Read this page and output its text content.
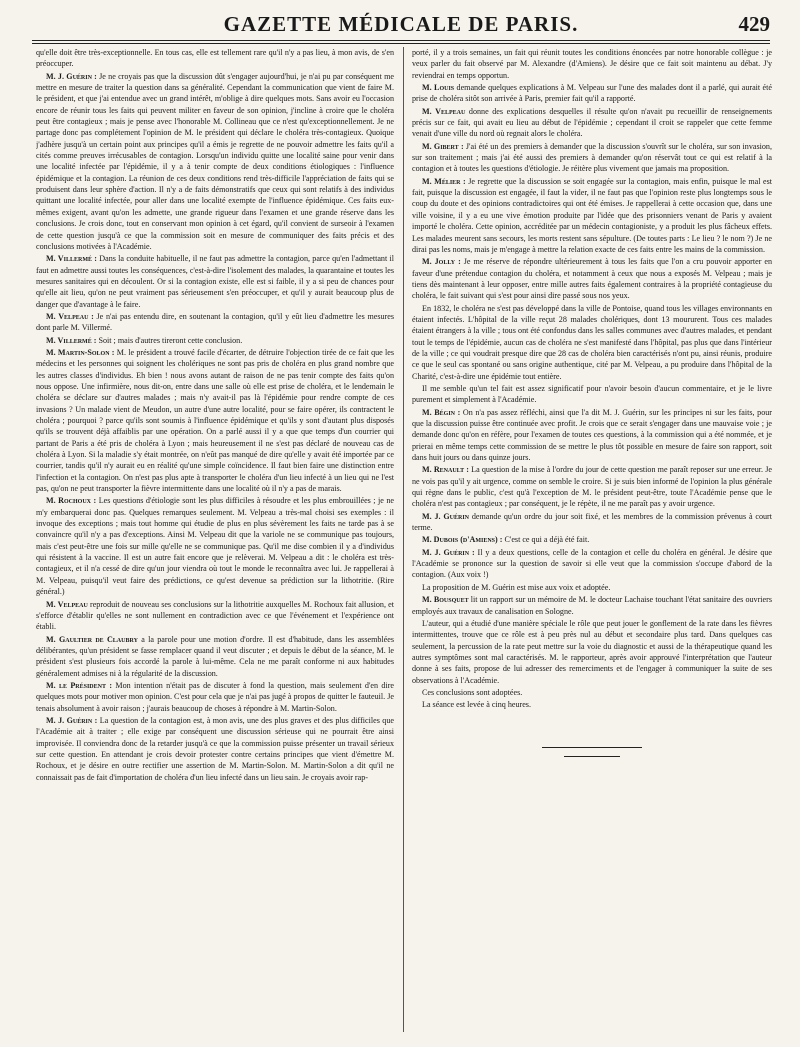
GAZETTE MÉDICALE DE PARIS.	429

qu'elle doit être très-exceptionnelle. En tous cas, elle est tellement rare qu'il n'y a pas lieu, à mon avis, de s'en préoccuper.

M. J. Guérin : Je ne croyais pas que la discussion dût s'engager aujourd'hui, je n'ai pu par conséquent me mettre en mesure de traiter la question dans sa généralité. Cependant la communication que vient de faire M. le président, et que j'ai entendue avec un grand intérêt, m'oblige à dire quelques mots. Sans avoir eu l'occasion encore de réunir tous les faits qui peuvent militer en faveur de son opinion, j'incline à croire que le choléra peut être contagieux ; mais je pense avec l'honorable M. Collineau que ce n'est qu'exceptionnellement. Je ne partage donc pas complétement l'opinion de M. le président qui déclare le choléra très-contagieux. Quoique j'adhère jusqu'à un certain point aux principes qu'il a émis je regrette de ne pouvoir admettre les faits qu'il a cités comme preuves irrécusables de contagion. Lorsqu'un individu quitte une localité saine pour venir dans une localité infectée par l'épidémie, il y a à tenir compte de deux conditions étiologiques : l'influence épidémique et la contagion. La réunion de ces deux conditions rend très-difficile l'appréciation de faits qui se produisent dans leur sphère d'action. Il n'y a de faits démonstratifs que ceux qui sont relatifs à des individus quittant une localité infectée, pour aller dans une localité exempte de l'influence épidémique. Ces faits eux-mêmes exigent, avant qu'on les admette, une grande rigueur dans l'examen et une grande réserve dans les conclusions. Je crois donc, tout en conservant mon opinion à cet égard, qu'il convient de surseoir à l'examen de cette question jusqu'à ce que la commission soit en mesure de communiquer des faits précis et des conclusions motivées à l'Académie.

M. Villermé : Dans la conduite habituelle, il ne faut pas admettre la contagion, parce qu'en l'admettant il faut en admettre aussi toutes les conséquences, c'est-à-dire l'isolement des malades, la quarantaine et toutes les mesures sanitaires qui en découlent. Or si la contagion existe, elle est si faible, il y a si peu de chances pour qu'elle ait lieu, qu'on ne peut vraiment pas sérieusement s'en préoccuper, et qu'il y aurait beaucoup plus de danger que d'avantage à le faire.

M. Velpeau : Je n'ai pas entendu dire, en soutenant la contagion, qu'il y eût lieu d'admettre les mesures dont parle M. Villermé.

M. Villermé : Soit ; mais d'autres tireront cette conclusion.

M. Martin-Solon : M. le président a trouvé facile d'écarter, de détruire l'objection tirée de ce fait que les médecins et les personnes qui soignent les cholériques ne sont pas pris de choléra en plus grand nombre que les autres classes d'individus. Eh bien ! nous avons autant de raison de ne pas tenir compte des faits qu'on nous oppose. Une infirmière, nous dit-on, entre dans une salle où elle est prise de choléra, et le lendemain le choléra se déclare sur d'autres malades ; mais n'y avait-il pas là l'épidémie pour rendre compte de ces invasions ? Un malade vient de Meudon, un autre d'une autre localité, pour se faire opérer, ils contractent le choléra ; pourquoi ? parce qu'ils sont soumis à l'influence épidémique et qu'ils y sont d'autant plus disposés qu'ils se trouvent déjà affaiblis par une opération. On a parlé aussi il y a que que temps d'un courrier qui partant de Paris a été pris de choléra à Lyon ; mais heureusement il ne s'est pas déclaré de nouveau cas de choléra à Lyon. Si la maladie s'y était montrée, on n'eût pas manqué de dire qu'elle y avait été importée par ce courrier, tandis qu'il n'y aurait eu en réalité qu'une simple coïncidence. Il faut bien faire une distinction entre l'infection et la contagion. On n'est pas plus apte à transporter le choléra d'un lieu infecté à un lieu qui ne l'est pas, qu'on ne peut transporter la fièvre intermittente dans une localité où il n'y a pas de marais.

M. Rochoux : Les questions d'étiologie sont les plus difficiles à résoudre et les plus embrouillées ; je ne m'y embarquerai donc pas. Quelques remarques seulement. M. Velpeau a très-mal choisi ses exemples : il invoque des exceptions ; mais tout homme qui étudie de plus en plus sévèrement les faits ne tarde pas à se convaincre qu'il n'y a pas d'exceptions. Ainsi M. Velpeau dit que la variole ne se communique pas toujours, mais c'est peut-être une fois sur mille qu'elle ne se communique pas. Qu'il me dise combien il y a d'individus qui résistent à la vaccine. Il est un autre fait encore que je relèverai. M. Velpeau a dit : le choléra est très-contagieux, et il n'a cessé de dire qu'un jour viendra où tout le monde le reconnaîtra avec lui. Je rappellerai à M. Velpeau, puisqu'il veut faire des prédictions, ce qu'est devenue sa prédiction sur la lithotritie. (Rire général.)

M. Velpeau reproduit de nouveau ses conclusions sur la lithotritie auxquelles M. Rochoux fait allusion, et s'efforce d'établir qu'elles ne sont nullement en contradiction avec ce que l'événement et l'expérience ont établi.

M. Gaultier de Claubry a la parole pour une motion d'ordre. Il est d'habitude, dans les assemblées délibérantes, qu'un président se fasse remplacer quand il veut discuter ; et depuis le début de la séance, M. le président s'est plusieurs fois accordé la parole à lui-même. Cela ne me paraît conforme ni aux habitudes généralement admises ni à la régularité de la discussion.

M. le Président : Mon intention n'était pas de discuter à fond la question, mais seulement d'en dire quelques mots pour motiver mon opinion. C'est pour cela que je n'ai pas jugé à propos de quitter le fauteuil. Je tenais absolument à avoir raison ; j'aurais beaucoup de choses à répondre à M. Martin-Solon.

M. J. Guérin : La question de la contagion est, à mon avis, une des plus graves et des plus difficiles que l'Académie ait à traiter ; elle exige par conséquent une discussion sérieuse qui ne pourrait être ainsi improvisée. Il conviendra donc de la retarder jusqu'à ce que la commission puisse présenter un travail sérieux sur cette question. En attendant je crois devoir protester contre certains principes que vient d'émettre M. Rochoux, et je désire en outre rectifier une assertion de M. Martin-Solon. M. Martin-Solon a dit qu'il ne connaissait pas de fait d'importation de choléra d'un lieu infecté dans un lieu sain. Je croyais avoir rap-

porté, il y a trois semaines, un fait qui réunit toutes les conditions énoncées par notre honorable collègue : je veux parler du fait observé par M. Alexandre (d'Amiens). Je désire que ce fait soit maintenu au débat. J'y reviendrai en temps opportun.

M. Louis demande quelques explications à M. Velpeau sur l'une des malades dont il a parlé, qui aurait été prise de choléra sitôt son arrivée à Paris, premier fait qu'il a rapporté.

M. Velpeau donne des explications desquelles il résulte qu'on n'avait pu recueillir de renseignements précis sur ce fait, qui avait eu lieu au début de l'épidémie ; cependant il croit se rappeler que cette femme venait d'une ville du nord où regnait alors le choléra.

M. Gibert : J'ai été un des premiers à demander que la discussion s'ouvrît sur le choléra, sur son invasion, sur son traitement ; mais j'ai été aussi des premiers à demander qu'on réservât tout ce qui est relatif à la contagion et à toutes les questions d'étiologie. Je réitère plus vivement que jamais ma proposition.

M. Mélier : Je regrette que la discussion se soit engagée sur la contagion, mais enfin, puisque le mal est fait, puisque la discussion est engagée, il faut la vider, il ne faut pas que l'opinion reste plus longtemps sous le coup du doute et des opinions contradictoires qui ont été émises. Je rappellerai à cette occasion que, dans une ville voisine, il y a eu une vive émotion produite par l'idée que des prisonniers venant de Paris y avaient importé le choléra. Cette opinion, accréditée par un médecin contagioniste, y a produit les plus fâcheux effets. Les malades meurent sans secours, les morts restent sans sépulture. (De toutes parts : Le lieu ? le nom ?) Je ne dirai pas les noms, mais je m'engage à mettre la relation exacte de ces faits entre les mains de la commission.

M. Jolly : Je me réserve de répondre ultérieurement à tous les faits que l'on a cru pouvoir apporter en faveur d'une prétendue contagion du choléra, et notamment à ceux que nous a exposés M. Velpeau ; mais je tiens dès maintenant à leur opposer, entre mille autres faits également contraires à la propriété contagieuse du choléra, le fait suivant qui s'est pour ainsi dire passé sous nos yeux.

En 1832, le choléra ne s'est pas développé dans la ville de Pontoise, quand tous les villages environnants en étaient infectés. L'hôpital de la ville reçut 28 malades cholériques, dont 13 moururent. Tous ces malades étaient étrangers à la ville ; tous ont été confondus dans les salles communes avec d'autres malades, et pendant tout le temps de l'épidémie, aucun cas de choléra ne s'est manifesté dans l'hôpital, pas plus que dans l'intérieur de la ville ; ce qui voudrait presque dire que 28 cas de choléra bien caractérisés n'ont pu, ainsi réunis, produire ce que le seul cas spontané ou sans origine authentique, cité par M. Velpeau, a pu produire dans l'hôpital de la Charité, c'est-à-dire une épidémie tout entière.

Il me semble qu'un tel fait est assez significatif pour n'avoir besoin d'aucun commentaire, et je le livre purement et simplement à l'Académie.

M. Bégin : On n'a pas assez réfléchi, ainsi que l'a dit M. J. Guérin, sur les principes ni sur les faits, pour que la discussion puisse être continuée avec profit. Je crois que ce serait s'engager dans une mauvaise voie ; je demande donc qu'on en réfère, pour l'examen de toutes ces questions, à la commission qui a été nommée, et je prierai en même temps cette commission de se mettre le plus tôt possible en mesure de faire son rapport, soit dans huit jours ou dans quinze jours.

M. Renault : La question de la mise à l'ordre du jour de cette question me paraît reposer sur une erreur. Je ne vois pas qu'il y ait urgence, comme on semble le croire. Si je suis bien informé de l'opinion la plus générale qui règne dans le public, c'est qu'à l'exception de M. le président peut-être, toute l'Académie pense que le choléra n'est pas contagieux ; par conséquent, je le répète, il ne me paraît pas y avoir urgence.

M. J. Guérin demande qu'un ordre du jour soit fixé, et les membres de la commission prévenus à court terme.

M. Dubois (d'Amiens) : C'est ce qui a déjà été fait.

M. J. Guérin : Il y a deux questions, celle de la contagion et celle du choléra en général. Je désire que l'Académie se prononce sur la question de savoir si elle veut que la commission s'occupe d'abord de la contagion. (Aux voix !)

La proposition de M. Guérin est mise aux voix et adoptée.

M. Bousquet lit un rapport sur un mémoire de M. le docteur Lachaise touchant l'état sanitaire des ouvriers employés aux travaux de canalisation en Sologne.

L'auteur, qui a étudié d'une manière spéciale le rôle que peut jouer le gonflement de la rate dans les fièvres intermittentes, trouve que ce rôle est à peu près nul au début et secondaire plus tard. Dans quelques cas seulement, la percussion de la rate peut mettre sur la voie du diagnostic et aussi de la thérapeutique quand les autres symptômes sont mal caractérisés. M. le rapporteur, après avoir approuvé l'interprétation que l'auteur donne à ses faits, propose de lui adresser des remerciments et de l'engager à communiquer la suite de ses observations à l'Académie.

Ces conclusions sont adoptées.

La séance est levée à cinq heures.
